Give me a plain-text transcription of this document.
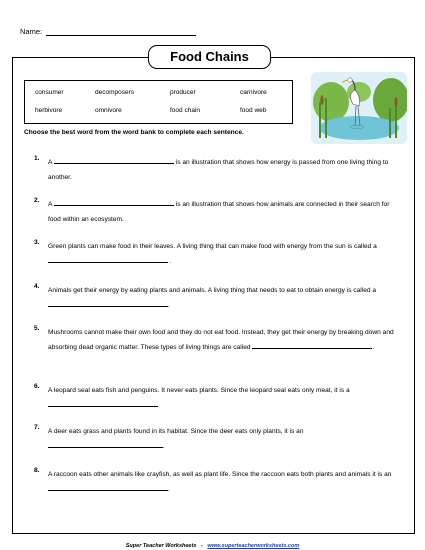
Name:
Food Chains
consumer	decomposers	producer	carnivore
herbivore	omnivore	food chain	food web
Choose the best word from the word bank to complete each sentence.
1.
A	is an illustration that shows how energy is passed from one living thing to another.
2.
A	is an illustration that shows how animals are connected in their search for food within an ecosystem.
3.
Green plants can make food in their leaves. A living thing that can make food with energy from the sun is called a  .
4.
Animals get their energy by eating plants and animals. A living thing that needs to eat to obtain energy is called a .
5.
Mushrooms cannot make their own food and they do not eat food. Instead, they get their energy by breaking down and absorbing dead organic matter. These types of living things are called	.
6.
A leopard seal eats fish and penguins. It never eats plants. Since the leopard seal eats only meat, it is a
7.
A deer eats grass and plants found in its habitat. Since the deer eats only plants, it is an .
8.
A raccoon eats other animals like crayfish, as well as plant life. Since the raccoon eats both plants and animals it is an .
Super Teacher Worksheets - www.superteacherworksheets.com
